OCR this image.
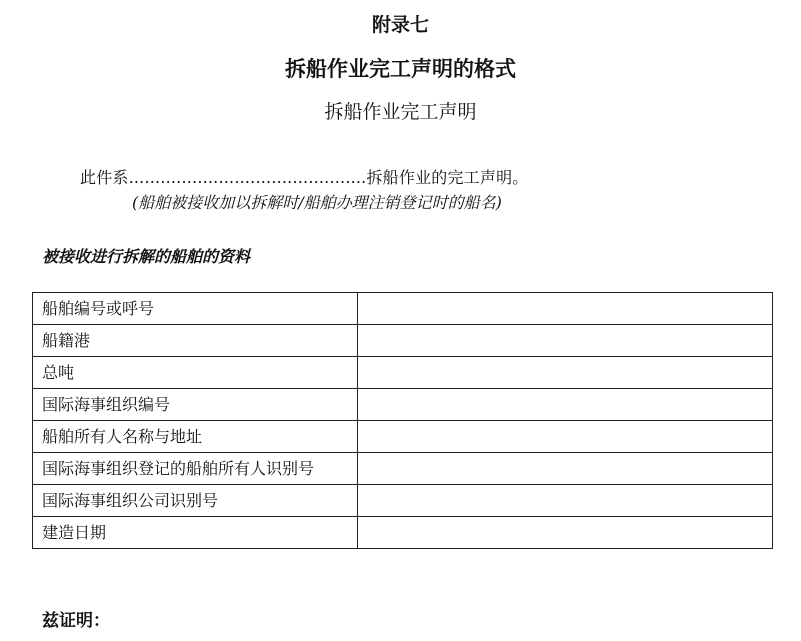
附录七
拆船作业完工声明的格式
拆船作业完工声明
此件系.............................................拆船作业的完工声明。
(船舶被接收加以拆解时/船舶办理注销登记时的船名)
被接收进行拆解的船舶的资料
船舶编号或呼号	
船籍港	
总吨	
国际海事组织编号	
船舶所有人名称与地址	
国际海事组织登记的船舶所有人识别号	
国际海事组织公司识别号	
建造日期	
兹证明：
